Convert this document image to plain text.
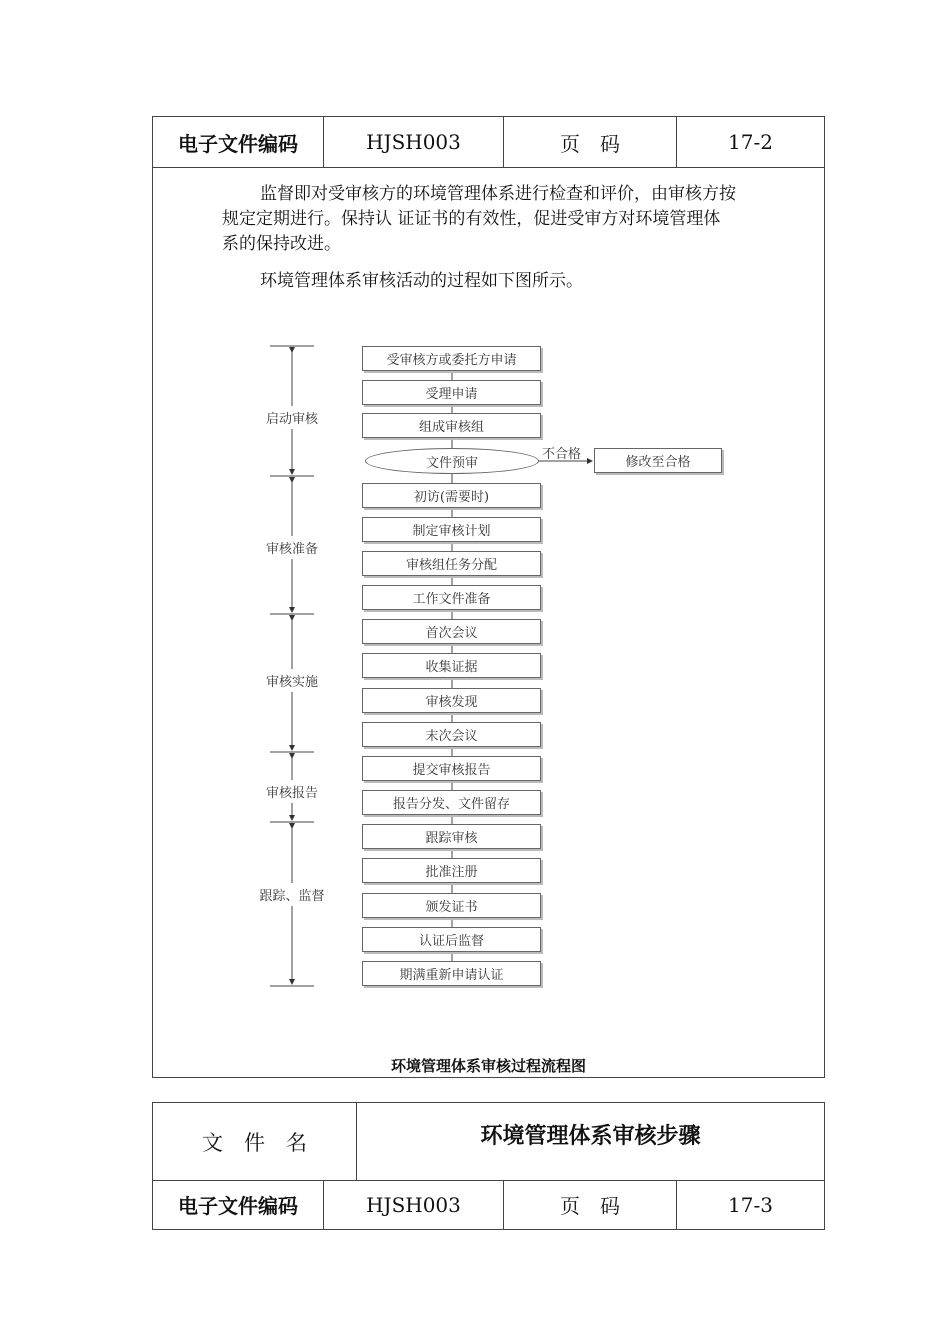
电子文件编码	HJSH003	页　码	17-2
监督即对受审核方的环境管理体系进行检查和评价，由审核方按
规定定期进行。保持认 证证书的有效性，促进受审方对环境管理体
系的保持改进。
环境管理体系审核活动的过程如下图所示。
启动审核
审核准备
审核实施
审核报告
跟踪、监督
受审核方或委托方申请
受理申请
组成审核组
文件预审
初访(需要时)
制定审核计划
审核组任务分配
工作文件准备
首次会议
收集证据
审核发现
末次会议
提交审核报告
报告分发、文件留存
跟踪审核
批准注册
颁发证书
认证后监督
期满重新申请认证
不合格
修改至合格
环境管理体系审核过程流程图
文　件　名	环境管理体系审核步骤
电子文件编码	HJSH003	页　码	17-3
